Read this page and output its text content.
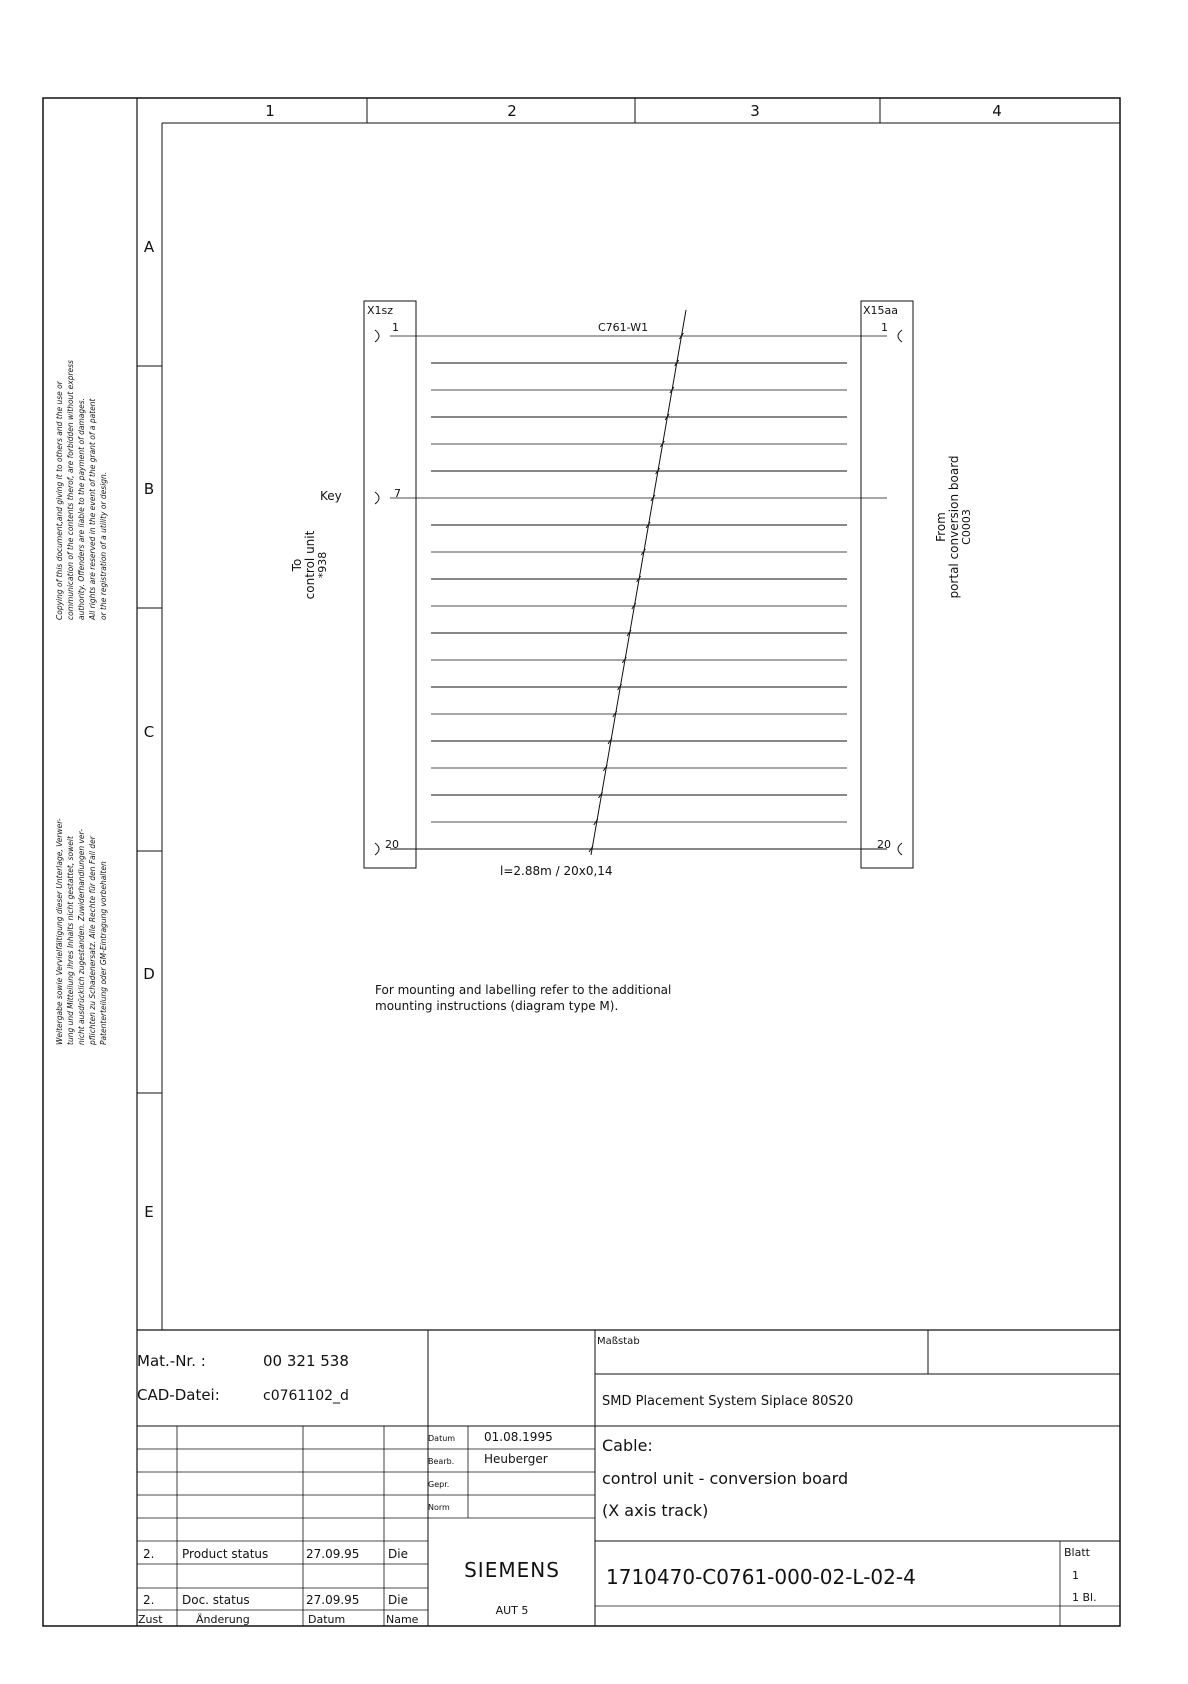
1	2	3	4
A
B
C
D
E
Copying of this document,and giving it to others and the use or communication of the contents therof, are forbidden without express authority. Offenders are liable to the payment of damages. All rights are reserved in the event of the grant of a patent or the registration of a utility or design.
Weitergabe sowie Vervielfältigung dieser Unterlage, Verwer- tung und Mitteilung ihres Inhalts nicht gestattet, soweit nicht ausdrücklich zugestanden. Zuwiderhandlungen ver- pflichten zu Schadenersatz. Alle Rechte für den Fall der Patenterteilung oder GM-Eintragung vorbehalten
X1sz	X15aa
C761-W1
1
7
20
1
20
Key
To control unit *938
From portal conversion board C0003
l=2.88m / 20x0,14
For mounting and labelling refer to the additional
mounting instructions (diagram type M).
Mat.-Nr. :	00 321 538
CAD-Datei:	c0761102_d
Maßstab
SMD Placement System Siplace 80S20
Datum 01.08.1995
Bearb. Heuberger
Gepr.
Norm
Cable:
control unit - conversion board
(X axis track)
2. Product status	27.09.95 Die
2. Doc. status	27.09.95 Die
Zust	Änderung	Datum	Name
SIEMENS
AUT 5
1710470-C0761-000-02-L-02-4
Blatt
1
1 Bl.
